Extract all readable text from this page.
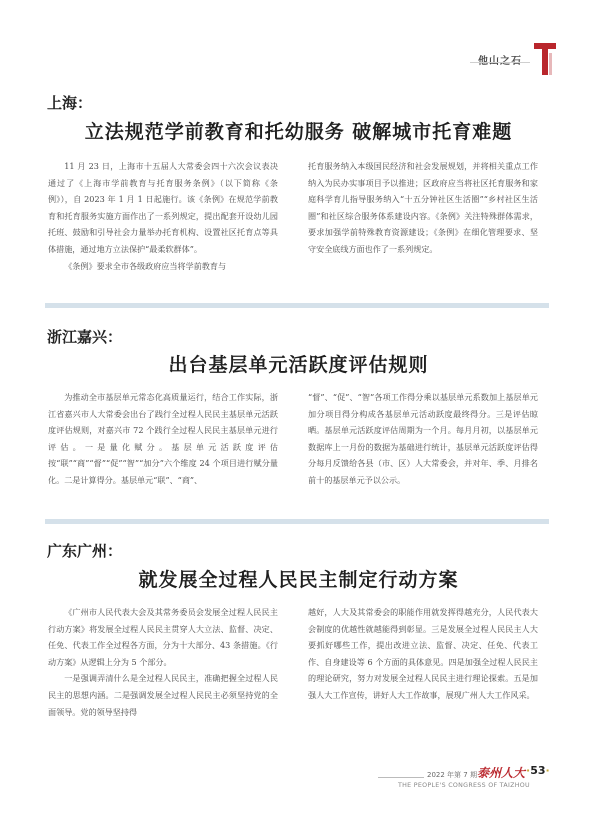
上海：
立法规范学前教育和托幼服务 破解城市托育难题

11 月 23 日，上海市十五届人大常委会四十六次会议表决通过了《上海市学前教育与托育服务条例》（以下简称《条例》），自 2023 年 1 月 1 日起施行。该《条例》在规范学前教育和托育服务实施方面作出了一系列规定，提出配套开设幼儿园托班、鼓励和引导社会力量举办托育机构、设置社区托育点等具体措施，通过地方立法保护“最柔软群体”。

《条例》要求全市各级政府应当将学前教育与

托育服务纳入本级国民经济和社会发展规划，并将相关重点工作纳入为民办实事项目予以推进；区政府应当将社区托育服务和家庭科学育儿指导服务纳入“十五分钟社区生活圈”“乡村社区生活圈”和社区综合服务体系建设内容。《条例》关注特殊群体需求，要求加强学前特殊教育资源建设；《条例》在细化管理要求、坚守安全底线方面也作了一系列规定。

浙江嘉兴：
出台基层单元活跃度评估规则

为推动全市基层单元常态化高质量运行，结合工作实际，浙江省嘉兴市人大常委会出台了践行全过程人民民主基层单元活跃度评估规则，对嘉兴市 72 个践行全过程人民民主基层单元进行评估。一是量化赋分。基层单元活跃度评估按“联”“商”“督”“促”“智”“加分”六个维度 24 个项目进行赋分量化。二是计算得分。基层单元“联”、“商”、

“督”、“促”、“智”各项工作得分乘以基层单元系数加上基层单元加分项目得分构成各基层单元活动跃度最终得分。三是评估晾晒。基层单元活跃度评估周期为一个月。每月月初，以基层单元数据库上一月份的数据为基础进行统计，基层单元活跃度评估得分每月反馈给各县（市、区）人大常委会，并对年、季、月排名前十的基层单元予以公示。

广东广州：
就发展全过程人民民主制定行动方案

《广州市人民代表大会及其常务委员会发展全过程人民民主行动方案》将发展全过程人民民主贯穿人大立法、监督、决定、任免、代表工作全过程各方面，分为十大部分、43 条措施。《行动方案》从逻辑上分为 5 个部分。

一是强调弄清什么是全过程人民民主，准确把握全过程人民民主的思想内涵。二是强调发展全过程人民民主必须坚持党的全面领导。党的领导坚持得

越好，人大及其常委会的职能作用就发挥得越充分，人民代表大会制度的优越性就越能得到彰显。三是发展全过程人民民主人大要抓好哪些工作，提出改进立法、监督、决定、任免、代表工作、自身建设等 6 个方面的具体意见。四是加强全过程人民民主的理论研究，努力对发展全过程人民民主进行理论探索。五是加强人大工作宣传，讲好人大工作故事，展现广州人大工作风采。

2022 年第 7 期 泰州人大
THE PEOPLE'S CONGRESS OF TAIZHOU
·53·
